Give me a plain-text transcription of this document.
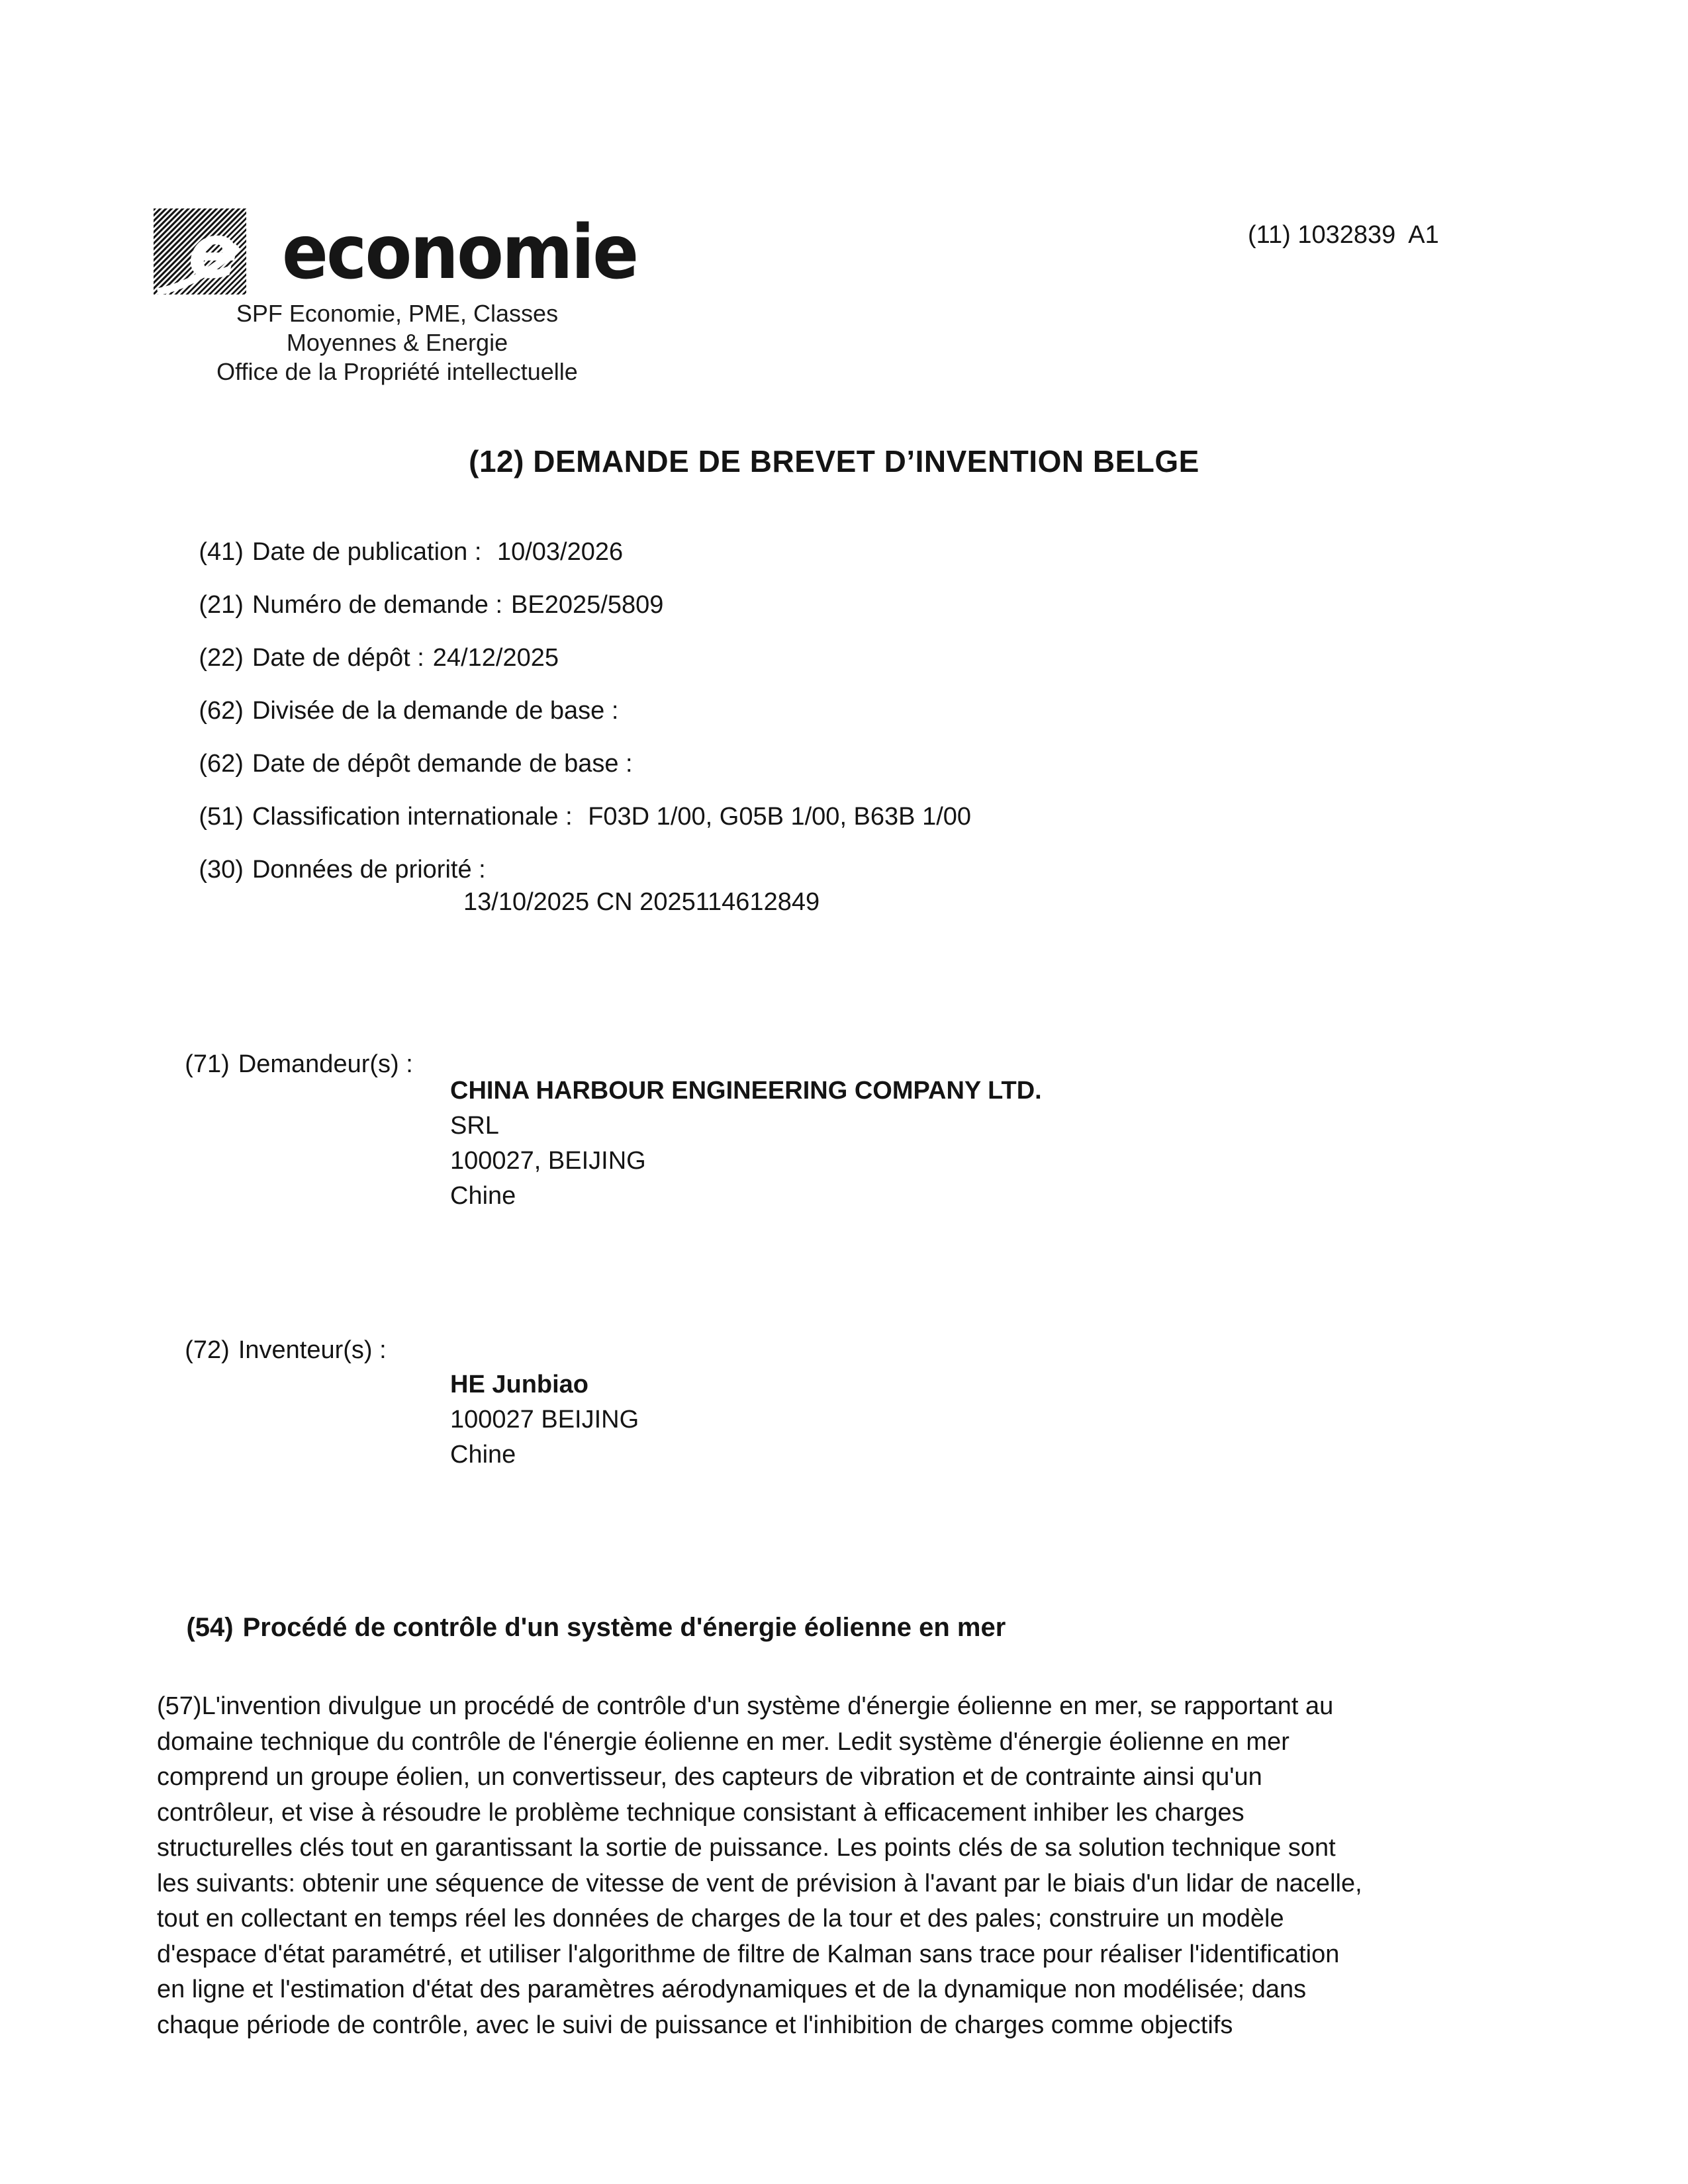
e economie
SPF Economie, PME, Classes
Moyennes & Energie
Office de la Propriété intellectuelle
(11) 1032839  A1
(12) DEMANDE DE BREVET D’INVENTION BELGE

(41) Date de publication : 10/03/2026

(21) Numéro de demande : BE2025/5809

(22) Date de dépôt : 24/12/2025

(62) Divisée de la demande de base :

(62) Date de dépôt demande de base :

(51) Classification internationale : F03D 1/00, G05B 1/00, B63B 1/00

(30) Données de priorité :

13/10/2025 CN 2025114612849

(71) Demandeur(s) :

CHINA HARBOUR ENGINEERING COMPANY LTD.
SRL
100027, BEIJING
Chine

(72) Inventeur(s) :

HE Junbiao
100027 BEIJING
Chine

(54) Procédé de contrôle d'un système d'énergie éolienne en mer

(57)L'invention divulgue un procédé de contrôle d'un système d'énergie éolienne en mer, se rapportant au
domaine technique du contrôle de l'énergie éolienne en mer. Ledit système d'énergie éolienne en mer
comprend un groupe éolien, un convertisseur, des capteurs de vibration et de contrainte ainsi qu'un
contrôleur, et vise à résoudre le problème technique consistant à efficacement inhiber les charges
structurelles clés tout en garantissant la sortie de puissance. Les points clés de sa solution technique sont
les suivants: obtenir une séquence de vitesse de vent de prévision à l'avant par le biais d'un lidar de nacelle,
tout en collectant en temps réel les données de charges de la tour et des pales; construire un modèle
d'espace d'état paramétré, et utiliser l'algorithme de filtre de Kalman sans trace pour réaliser l'identification
en ligne et l'estimation d'état des paramètres aérodynamiques et de la dynamique non modélisée; dans
chaque période de contrôle, avec le suivi de puissance et l'inhibition de charges comme objectifs
